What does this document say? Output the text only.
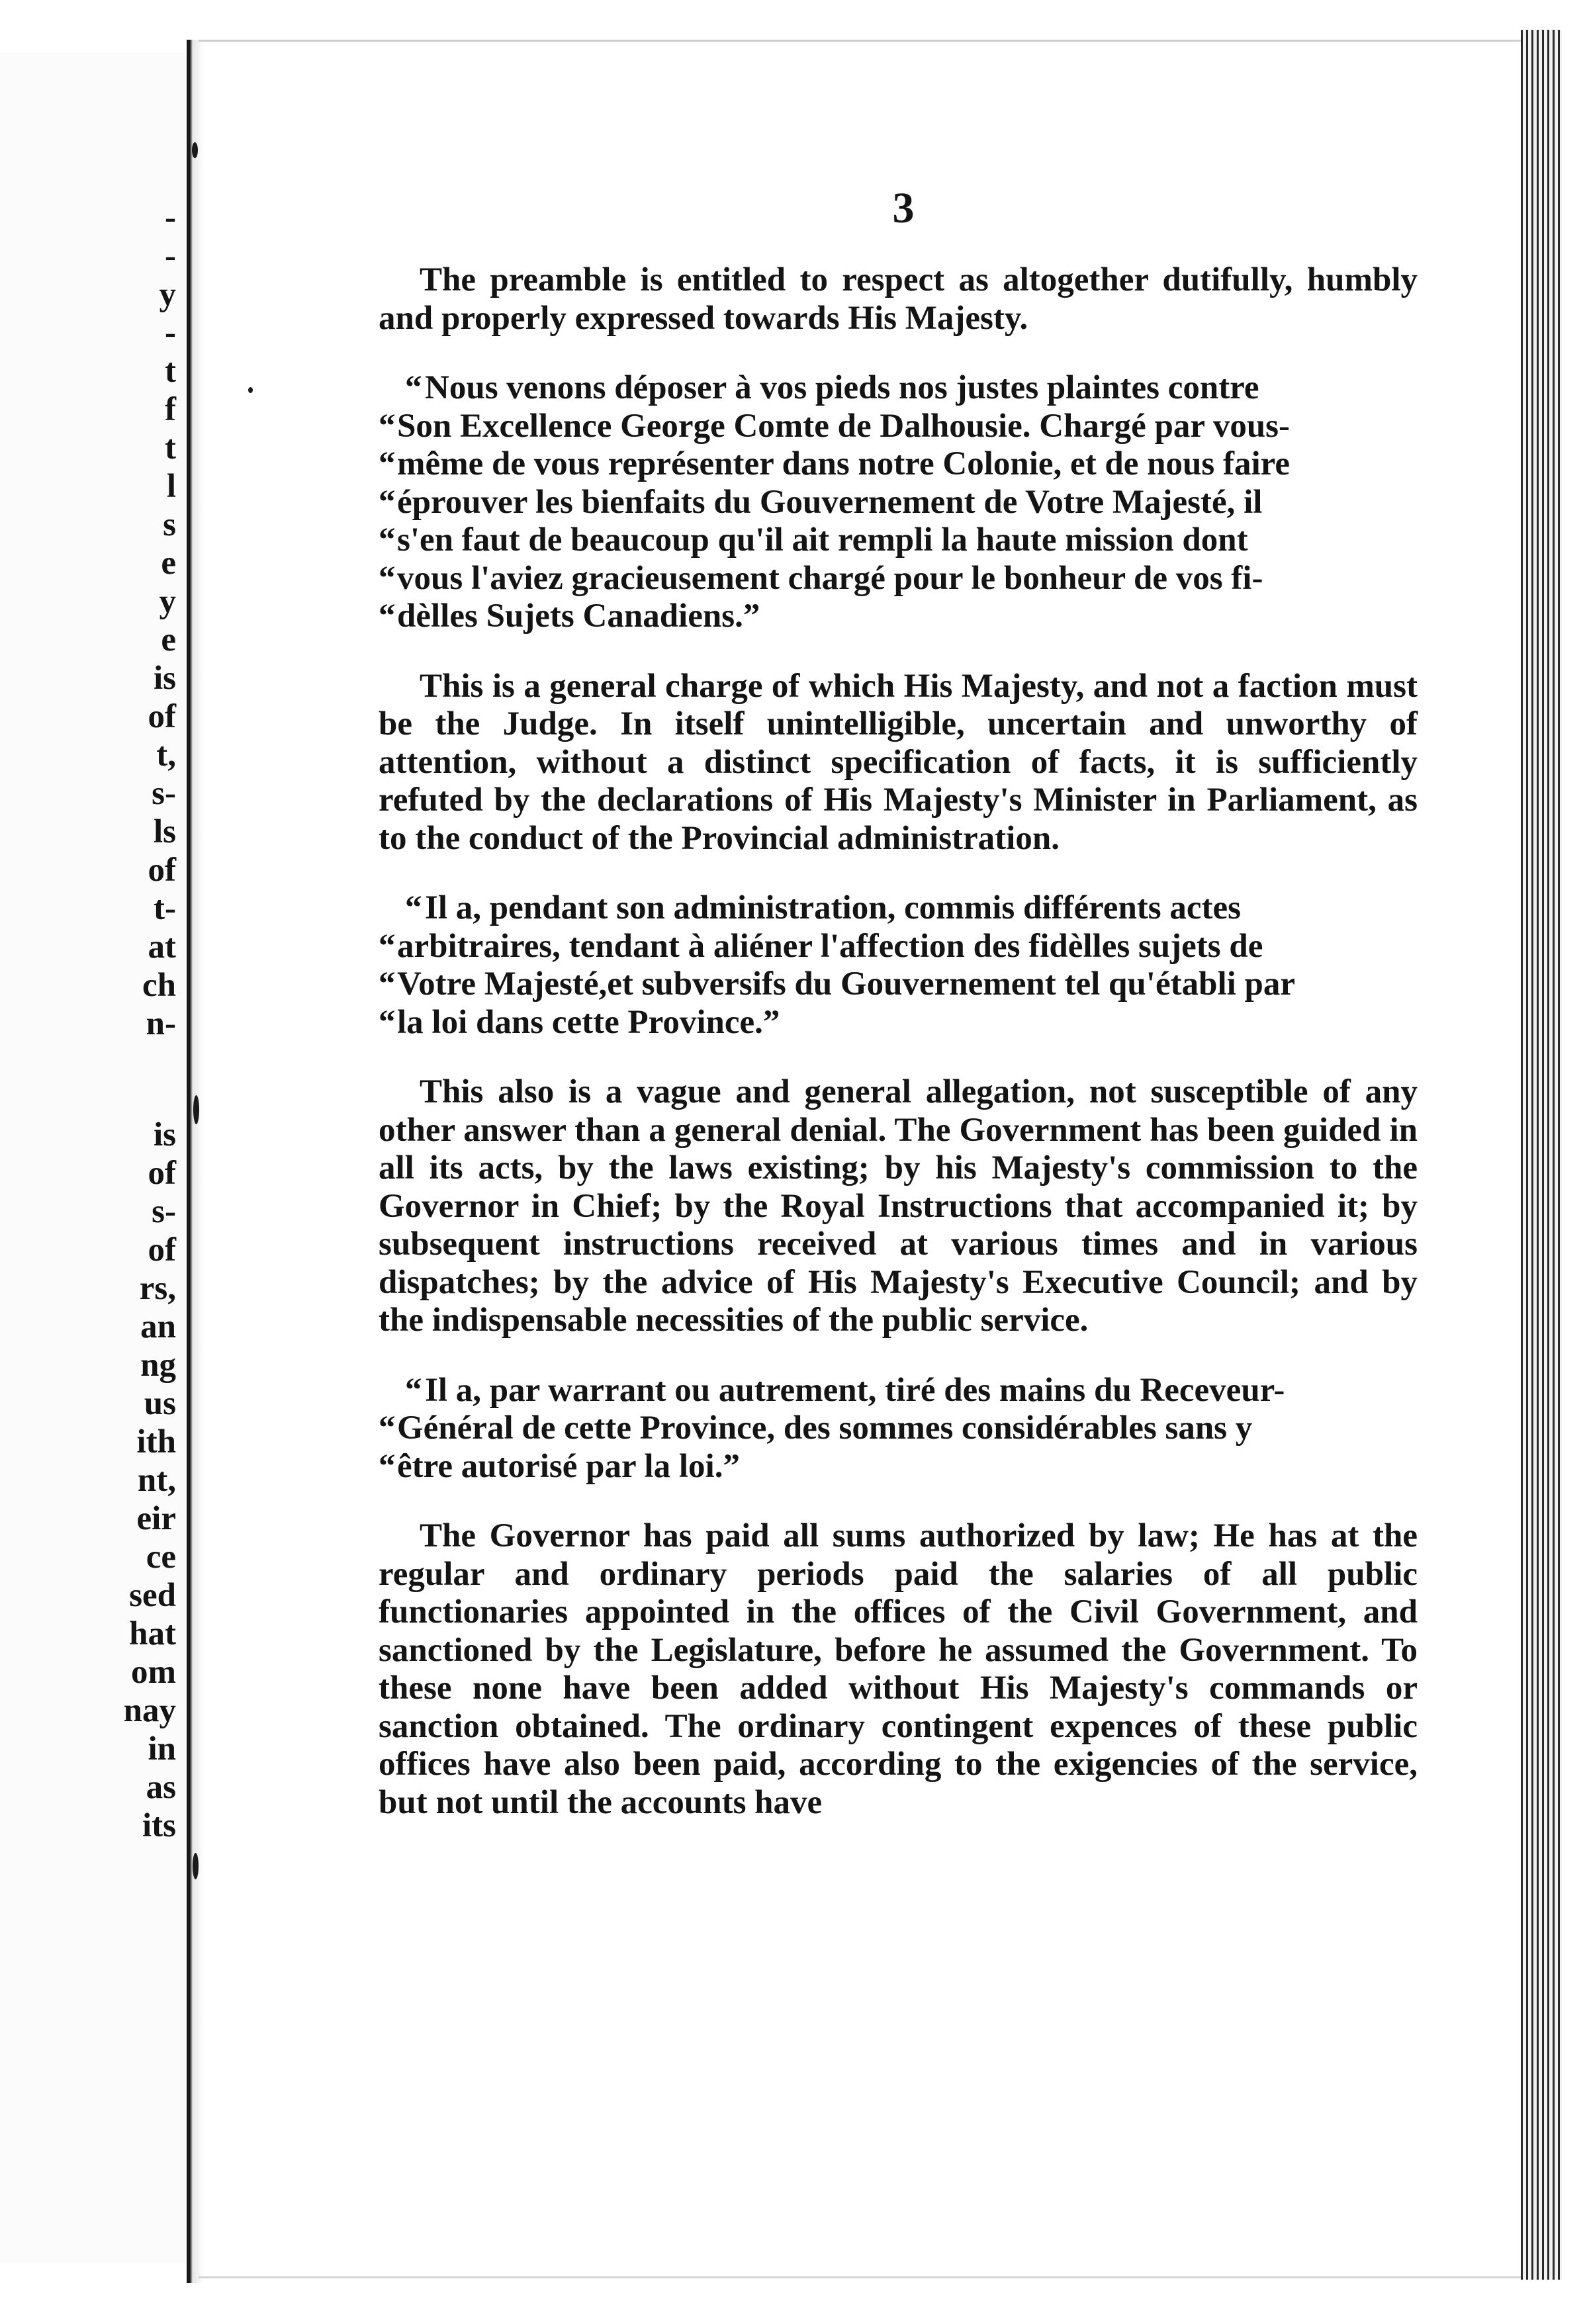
-
-
y
-
t
f
t
l
s
e
y
e
is
of
t,
s-
ls
of
t-
at
ch
n-
is
of
s-
of
rs,
an
ng
us
ith
nt,
eir
ce
sed
hat
om
nay
in
as
its
3

The preamble is entitled to respect as altogether dutifully, humbly and properly expressed towards His Majesty.

“ Nous venons déposer à vos pieds nos justes plaintes contre
“ Son Excellence George Comte de Dalhousie. Chargé par vous-
“ même de vous représenter dans notre Colonie, et de nous faire
“ éprouver les bienfaits du Gouvernement de Votre Majesté, il
“ s'en faut de beaucoup qu'il ait rempli la haute mission dont
“ vous l'aviez gracieusement chargé pour le bonheur de vos fi-
“ dèlles Sujets Canadiens.”

This is a general charge of which His Majesty, and not a faction must be the Judge. In itself unintelligible, uncertain and unworthy of attention, without a distinct specification of facts, it is sufficiently refuted by the declarations of His Majesty's Minister in Parliament, as to the conduct of the Provincial administration.

“ Il a, pendant son administration, commis différents actes
“ arbitraires, tendant à aliéner l'affection des fidèlles sujets de
“ Votre Majesté,et subversifs du Gouvernement tel qu'établi par
“ la loi dans cette Province.”

This also is a vague and general allegation, not susceptible of any other answer than a general denial. The Government has been guided in all its acts, by the laws existing; by his Majesty's commission to the Governor in Chief; by the Royal Instructions that accompanied it; by subsequent instructions received at various times and in various dispatches; by the advice of His Majesty's Executive Council; and by the indispensable necessities of the public service.

“ Il a, par warrant ou autrement, tiré des mains du Receveur-
“ Général de cette Province, des sommes considérables sans y
“ être autorisé par la loi.”

The Governor has paid all sums authorized by law; He has at the regular and ordinary periods paid the salaries of all public functionaries appointed in the offices of the Civil Government, and sanctioned by the Legislature, before he assumed the Government. To these none have been added without His Majesty's commands or sanction obtained. The ordinary contingent expences of these public offices have also been paid, according to the exigencies of the service, but not until the accounts have
